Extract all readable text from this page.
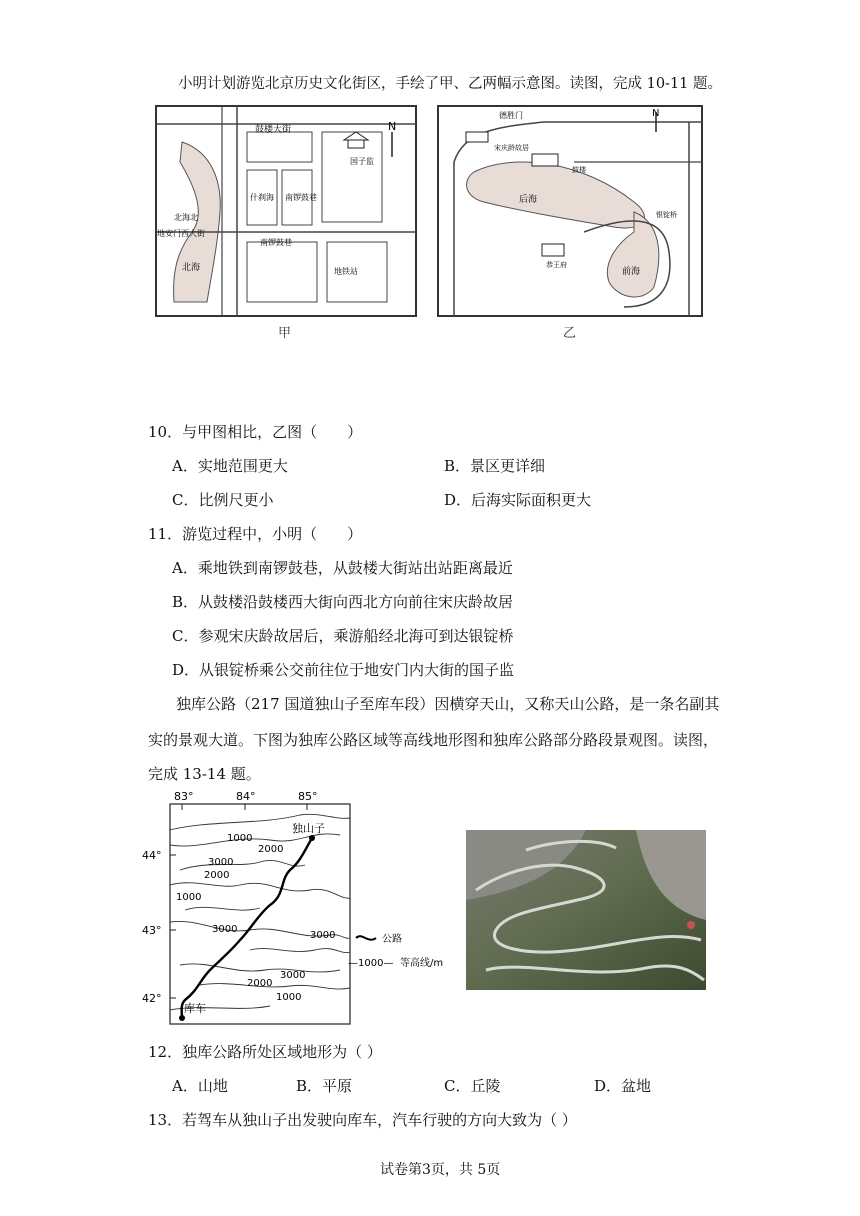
小明计划游览北京历史文化街区，手绘了甲、乙两幅示意图。读图，完成 10-11 题。
N
鼓楼大街
国子监
什刹海 南锣鼓巷
北海北
地安门西大街
南锣鼓巷
北海	地铁站
甲
N
德胜门
宋庆龄故居
鼓楼
后海
银锭桥
恭王府
前海
乙
10．与甲图相比，乙图（　　）
A．实地范围更大	B．景区更详细
C．比例尺更小	D．后海实际面积更大
11．游览过程中，小明（　　）
A．乘地铁到南锣鼓巷，从鼓楼大街站出站距离最近
B．从鼓楼沿鼓楼西大街向西北方向前往宋庆龄故居
C．参观宋庆龄故居后，乘游船经北海可到达银锭桥
D．从银锭桥乘公交前往位于地安门内大街的国子监
独库公路（217 国道独山子至库车段）因横穿天山，又称天山公路，是一条名副其
实的景观大道。下图为独库公路区域等高线地形图和独库公路部分路段景观图。读图，
完成 13-14 题。
83°	84°	85°
44°
43°
42°
1000
2000
3000
2000
1000
3000
3000
3000
2000
1000
独山子
库车
公路
—1000— 等高线/m
12．独库公路所处区域地形为（ ）
A．山地	B．平原	C．丘陵	D．盆地
13．若驾车从独山子出发驶向库车，汽车行驶的方向大致为（ ）
试卷第3页，共 5页
